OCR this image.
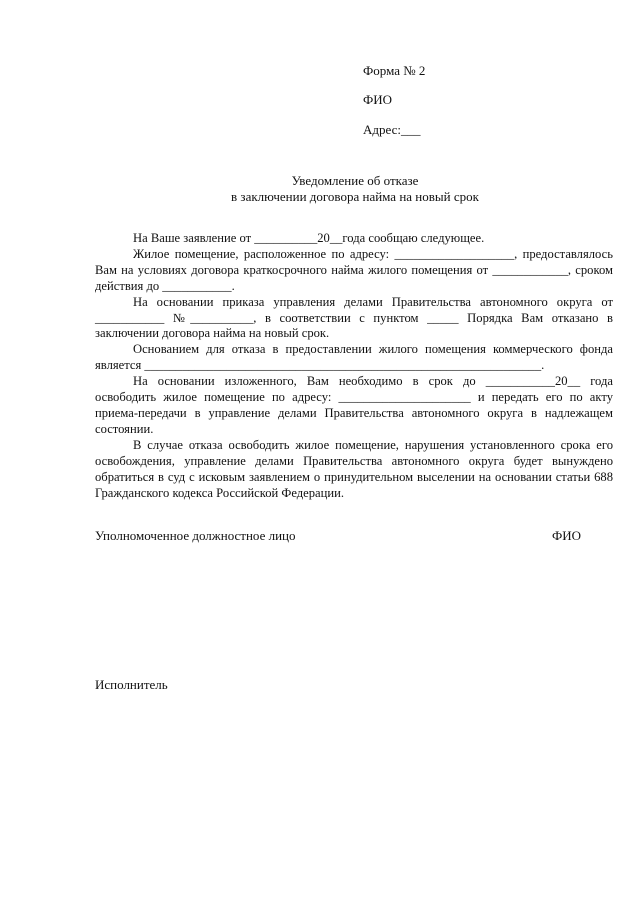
Форма № 2
ФИО
Адрес:___
Уведомление об отказе
в заключении договора найма на новый срок

На Ваше заявление от __________20__года сообщаю следующее.

Жилое помещение, расположенное по адресу: ___________________, предоставлялось Вам на условиях договора краткосрочного найма жилого помещения от ____________, сроком действия до ___________.

На основании приказа управления делами Правительства автономного округа от ___________ №__________, в соответствии с пунктом _____ Порядка Вам отказано в заключении договора найма на новый срок.

Основанием для отказа в предоставлении жилого помещения коммерческого фонда является _______________________________________________________________.

На основании изложенного, Вам необходимо в срок до ___________20__ года освободить жилое помещение по адресу: _____________________ и передать его по акту приема-передачи в управление делами Правительства автономного округа в надлежащем состоянии.

В случае отказа освободить жилое помещение, нарушения установленного срока его освобождения, управление делами Правительства автономного округа будет вынуждено обратиться в суд с исковым заявлением о принудительном выселении на основании статьи 688 Гражданского кодекса Российской Федерации.

Уполномоченное должностное лицо	ФИО
Исполнитель
